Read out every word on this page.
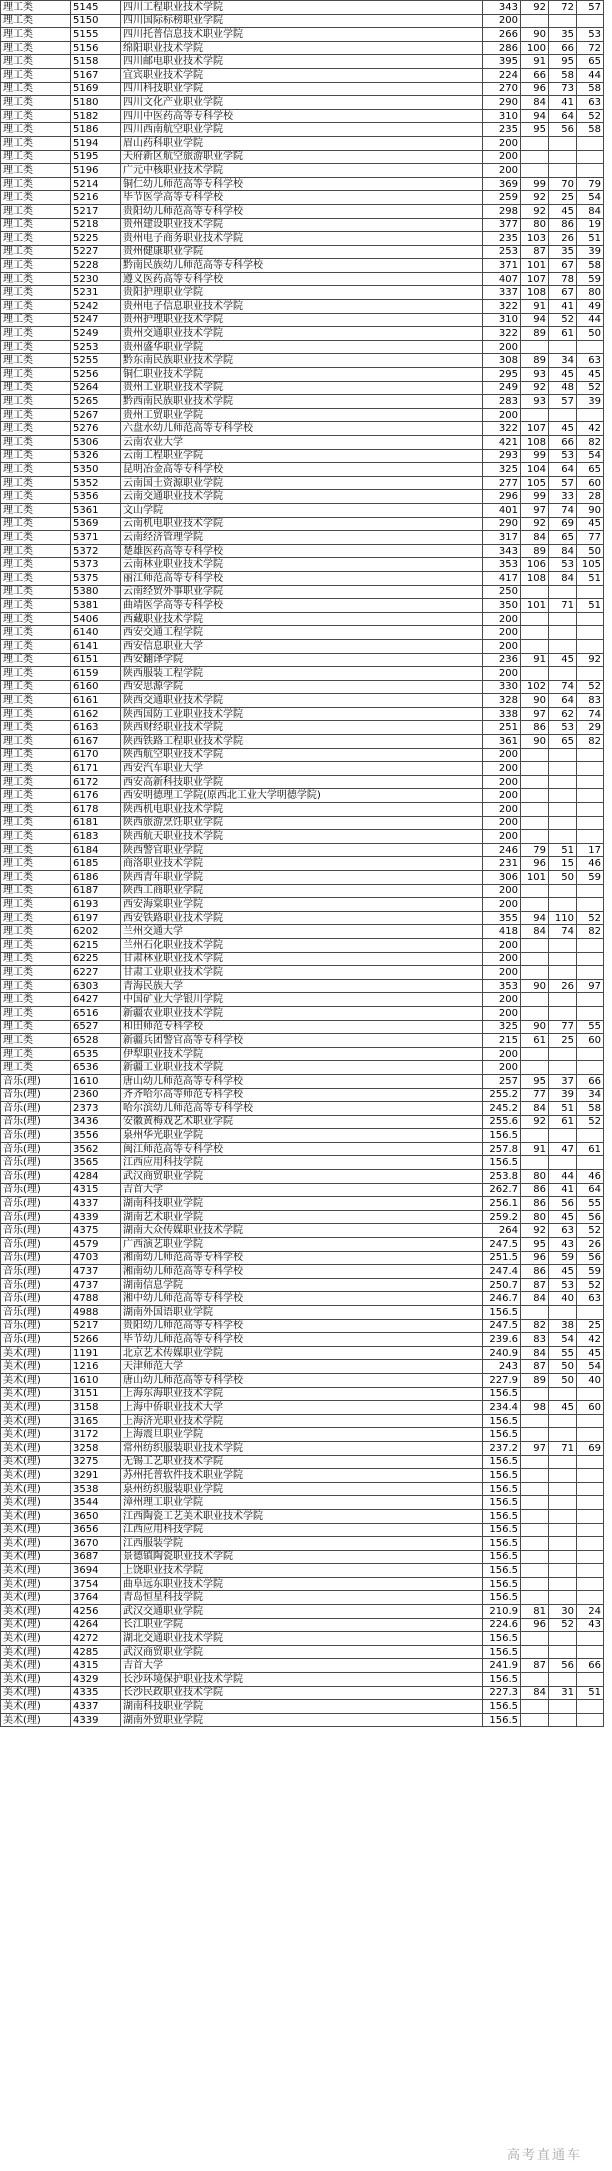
理工类	5145	四川工程职业技术学院	343	92	72	57
理工类	5150	四川国际标榜职业学院	200			
理工类	5155	四川托普信息技术职业学院	266	90	35	53
理工类	5156	绵阳职业技术学院	286	100	66	72
理工类	5158	四川邮电职业技术学院	395	91	95	65
理工类	5167	宜宾职业技术学院	224	66	58	44
理工类	5169	四川科技职业学院	270	96	73	58
理工类	5180	四川文化产业职业学院	290	84	41	63
理工类	5182	四川中医药高等专科学校	310	94	64	52
理工类	5186	四川西南航空职业学院	235	95	56	58
理工类	5194	眉山药科职业学院	200			
理工类	5195	天府新区航空旅游职业学院	200			
理工类	5196	广元中核职业技术学院	200			
理工类	5214	铜仁幼儿师范高等专科学校	369	99	70	79
理工类	5216	毕节医学高等专科学校	259	92	25	54
理工类	5217	贵阳幼儿师范高等专科学校	298	92	45	84
理工类	5218	贵州建设职业技术学院	377	80	86	19
理工类	5225	贵州电子商务职业技术学院	235	103	26	51
理工类	5227	贵州健康职业学院	253	87	35	39
理工类	5228	黔南民族幼儿师范高等专科学校	371	101	67	58
理工类	5230	遵义医药高等专科学校	407	107	78	59
理工类	5231	贵阳护理职业学院	337	108	67	80
理工类	5242	贵州电子信息职业技术学院	322	91	41	49
理工类	5247	贵州护理职业技术学院	310	94	52	44
理工类	5249	贵州交通职业技术学院	322	89	61	50
理工类	5253	贵州盛华职业学院	200			
理工类	5255	黔东南民族职业技术学院	308	89	34	63
理工类	5256	铜仁职业技术学院	295	93	45	45
理工类	5264	贵州工业职业技术学院	249	92	48	52
理工类	5265	黔西南民族职业技术学院	283	93	57	39
理工类	5267	贵州工贸职业学院	200			
理工类	5276	六盘水幼儿师范高等专科学校	322	107	45	42
理工类	5306	云南农业大学	421	108	66	82
理工类	5326	云南工程职业学院	293	99	53	54
理工类	5350	昆明冶金高等专科学校	325	104	64	65
理工类	5352	云南国土资源职业学院	277	105	57	60
理工类	5356	云南交通职业技术学院	296	99	33	28
理工类	5361	文山学院	401	97	74	90
理工类	5369	云南机电职业技术学院	290	92	69	45
理工类	5371	云南经济管理学院	317	84	65	77
理工类	5372	楚雄医药高等专科学校	343	89	84	50
理工类	5373	云南林业职业技术学院	353	106	53	105
理工类	5375	丽江师范高等专科学校	417	108	84	51
理工类	5380	云南经贸外事职业学院	250			
理工类	5381	曲靖医学高等专科学校	350	101	71	51
理工类	5406	西藏职业技术学院	200			
理工类	6140	西安交通工程学院	200			
理工类	6141	西安信息职业大学	200			
理工类	6151	西安翻译学院	236	91	45	92
理工类	6159	陕西服装工程学院	200			
理工类	6160	西安思源学院	330	102	74	52
理工类	6161	陕西交通职业技术学院	328	90	64	83
理工类	6162	陕西国防工业职业技术学院	338	97	62	74
理工类	6163	陕西财经职业技术学院	251	86	53	29
理工类	6167	陕西铁路工程职业技术学院	361	90	65	82
理工类	6170	陕西航空职业技术学院	200			
理工类	6171	西安汽车职业大学	200			
理工类	6172	西安高新科技职业学院	200			
理工类	6176	西安明德理工学院(原西北工业大学明德学院)	200			
理工类	6178	陕西机电职业技术学院	200			
理工类	6181	陕西旅游烹饪职业学院	200			
理工类	6183	陕西航天职业技术学院	200			
理工类	6184	陕西警官职业学院	246	79	51	17
理工类	6185	商洛职业技术学院	231	96	15	46
理工类	6186	陕西青年职业学院	306	101	50	59
理工类	6187	陕西工商职业学院	200			
理工类	6193	西安海棠职业学院	200			
理工类	6197	西安铁路职业技术学院	355	94	110	52
理工类	6202	兰州交通大学	418	84	74	82
理工类	6215	兰州石化职业技术学院	200			
理工类	6225	甘肃林业职业技术学院	200			
理工类	6227	甘肃工业职业技术学院	200			
理工类	6303	青海民族大学	353	90	26	97
理工类	6427	中国矿业大学银川学院	200			
理工类	6516	新疆农业职业技术学院	200			
理工类	6527	和田师范专科学校	325	90	77	55
理工类	6528	新疆兵团警官高等专科学校	215	61	25	60
理工类	6535	伊犁职业技术学院	200			
理工类	6536	新疆工业职业技术学院	200			
音乐(理)	1610	唐山幼儿师范高等专科学校	257	95	37	66
音乐(理)	2360	齐齐哈尔高等师范专科学校	255.2	77	39	34
音乐(理)	2373	哈尔滨幼儿师范高等专科学校	245.2	84	51	58
音乐(理)	3436	安徽黄梅戏艺术职业学院	255.6	92	61	52
音乐(理)	3556	泉州华光职业学院	156.5			
音乐(理)	3562	闽江师范高等专科学校	257.8	91	47	61
音乐(理)	3565	江西应用科技学院	156.5			
音乐(理)	4284	武汉商贸职业学院	253.8	80	44	46
音乐(理)	4315	吉首大学	262.7	86	41	64
音乐(理)	4337	湖南科技职业学院	256.1	86	56	55
音乐(理)	4339	湖南艺术职业学院	259.2	80	45	56
音乐(理)	4375	湖南大众传媒职业技术学院	264	92	63	52
音乐(理)	4579	广西演艺职业学院	247.5	95	43	26
音乐(理)	4703	湘南幼儿师范高等专科学校	251.5	96	59	56
音乐(理)	4737	湘南幼儿师范高等专科学校	247.4	86	45	59
音乐(理)	4737	湖南信息学院	250.7	87	53	52
音乐(理)	4788	湘中幼儿师范高等专科学校	246.7	84	40	63
音乐(理)	4988	湖南外国语职业学院	156.5			
音乐(理)	5217	贵阳幼儿师范高等专科学校	247.5	82	38	25
音乐(理)	5266	毕节幼儿师范高等专科学校	239.6	83	54	42
美术(理)	1191	北京艺术传媒职业学院	240.9	84	55	45
美术(理)	1216	天津师范大学	243	87	50	54
美术(理)	1610	唐山幼儿师范高等专科学校	227.9	89	50	40
美术(理)	3151	上海东海职业技术学院	156.5			
美术(理)	3158	上海中侨职业技术大学	234.4	98	45	60
美术(理)	3165	上海济光职业技术学院	156.5			
美术(理)	3172	上海震旦职业学院	156.5			
美术(理)	3258	常州纺织服装职业技术学院	237.2	97	71	69
美术(理)	3275	无锡工艺职业技术学院	156.5			
美术(理)	3291	苏州托普软件技术职业学院	156.5			
美术(理)	3538	泉州纺织服装职业学院	156.5			
美术(理)	3544	漳州理工职业学院	156.5			
美术(理)	3650	江西陶瓷工艺美术职业技术学院	156.5			
美术(理)	3656	江西应用科技学院	156.5			
美术(理)	3670	江西服装学院	156.5			
美术(理)	3687	景德镇陶瓷职业技术学院	156.5			
美术(理)	3694	上饶职业技术学院	156.5			
美术(理)	3754	曲阜远东职业技术学院	156.5			
美术(理)	3764	青岛恒星科技学院	156.5			
美术(理)	4256	武汉交通职业学院	210.9	81	30	24
美术(理)	4264	长江职业学院	224.6	96	52	43
美术(理)	4272	湖北交通职业技术学院	156.5			
美术(理)	4285	武汉商贸职业学院	156.5			
美术(理)	4315	吉首大学	241.9	87	56	66
美术(理)	4329	长沙环境保护职业技术学院	156.5			
美术(理)	4335	长沙民政职业技术学院	227.3	84	31	51
美术(理)	4337	湖南科技职业学院	156.5			
美术(理)	4339	湖南外贸职业学院	156.5			
高考直通车
